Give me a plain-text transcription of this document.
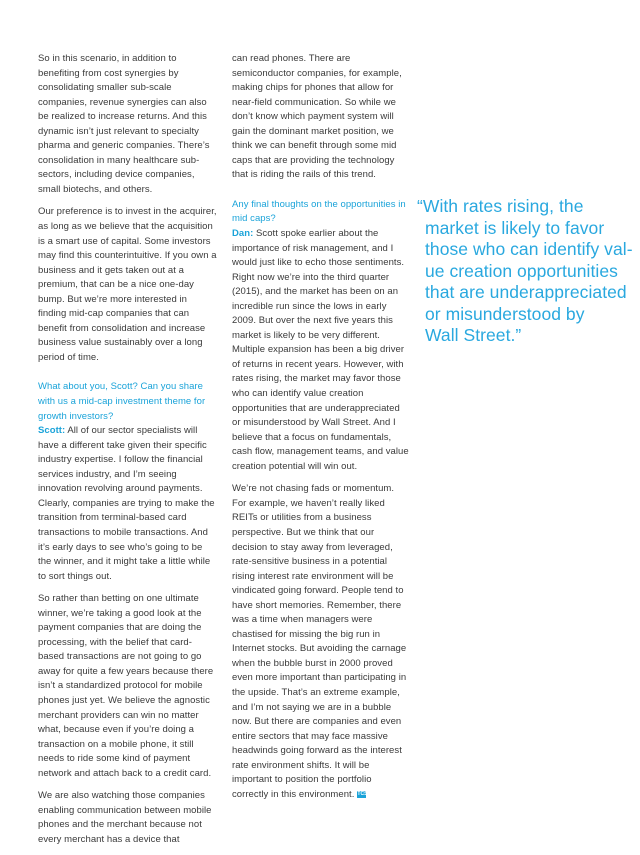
So in this scenario, in addition to benefiting from cost synergies by consolidating smaller sub-scale companies, revenue synergies can also be realized to increase returns. And this dynamic isn’t just relevant to specialty pharma and generic companies. There’s consolidation in many healthcare sub-sectors, including device companies, small biotechs, and others.

Our preference is to invest in the acquirer, as long as we believe that the acquisition is a smart use of capital. Some investors may find this counterintuitive. If you own a business and it gets taken out at a premium, that can be a nice one-day bump. But we’re more interested in finding mid-cap companies that can benefit from consolidation and increase business value sustainably over a long period of time.

What about you, Scott? Can you share with us a mid-cap investment theme for growth investors?

Scott: All of our sector specialists will have a different take given their specific industry expertise. I follow the financial services industry, and I’m seeing innovation revolving around payments. Clearly, companies are trying to make the transition from terminal-based card transactions to mobile transactions. And it’s early days to see who’s going to be the winner, and it might take a little while to sort things out.

So rather than betting on one ultimate winner, we’re taking a good look at the payment companies that are doing the processing, with the belief that card-based transactions are not going to go away for quite a few years because there isn’t a standardized protocol for mobile phones just yet. We believe the agnostic merchant providers can win no matter what, because even if you’re doing a transaction on a mobile phone, it still needs to ride some kind of payment network and attach back to a credit card.

We are also watching those companies enabling communication between mobile phones and the merchant because not every merchant has a device that

can read phones. There are semiconductor companies, for example, making chips for phones that allow for near-field communication. So while we don’t know which payment system will gain the dominant market position, we think we can benefit through some mid caps that are providing the technology that is riding the rails of this trend.

Any final thoughts on the opportunities in mid caps?

Dan: Scott spoke earlier about the importance of risk management, and I would just like to echo those sentiments. Right now we’re into the third quarter (2015), and the market has been on an incredible run since the lows in early 2009. But over the next five years this market is likely to be very different. Multiple expansion has been a big driver of returns in recent years. However, with rates rising, the market may favor those who can identify value creation opportunities that are underappreciated or misunderstood by Wall Street. And I believe that a focus on fundamentals, cash flow, management teams, and value creation potential will win out.

We’re not chasing fads or momentum. For example, we haven’t really liked REITs or utilities from a business perspective. But we think that our decision to stay away from leveraged, rate-sensitive business in a potential rising interest rate environment will be vindicated going forward. People tend to have short memories. Remember, there was a time when managers were chastised for missing the big run in Internet stocks. But avoiding the carnage when the bubble burst in 2000 proved even more important than participating in the upside. That’s an extreme example, and I’m not saying we are in a bubble now. But there are companies and even entire sectors that may face massive headwinds going forward as the interest rate environment shifts. It will be important to position the portfolio correctly in this environment. TCS

“With rates rising, the
market is likely to favor
those who can identify val-
ue creation opportunities
that are underappreciated
or misunderstood by
Wall Street.”
